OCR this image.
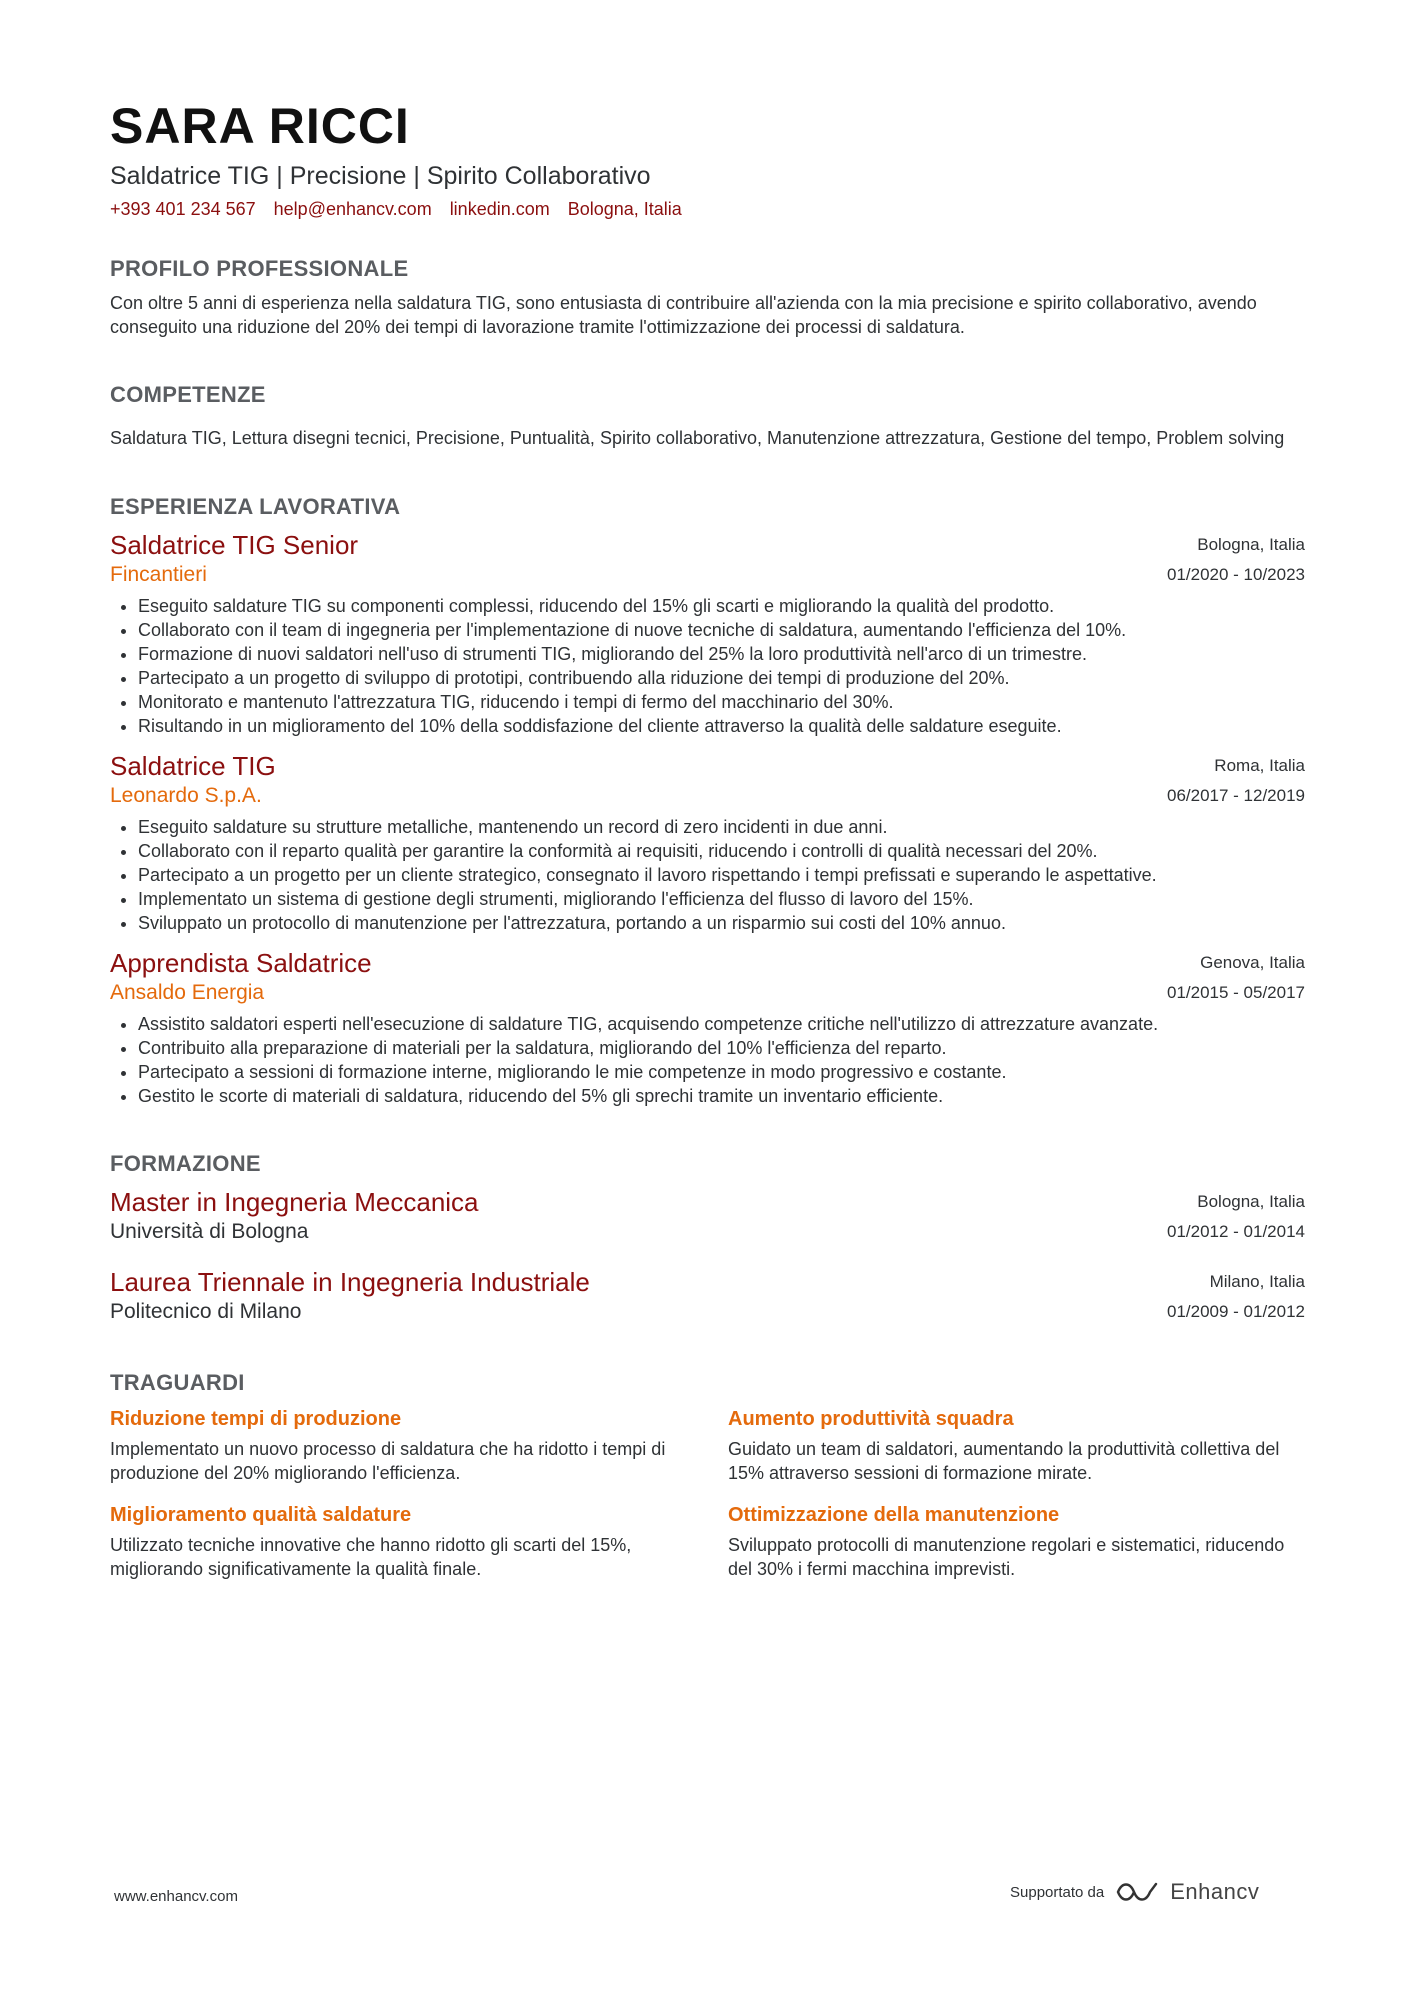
SARA RICCI
Saldatrice TIG | Precisione | Spirito Collaborativo
+393 401 234 567 help@enhancv.com linkedin.com Bologna, Italia
PROFILO PROFESSIONALE
Con oltre 5 anni di esperienza nella saldatura TIG, sono entusiasta di contribuire all'azienda con la mia precisione e spirito collaborativo, avendo conseguito una riduzione del 20% dei tempi di lavorazione tramite l'ottimizzazione dei processi di saldatura.
COMPETENZE
Saldatura TIG, Lettura disegni tecnici, Precisione, Puntualità, Spirito collaborativo, Manutenzione attrezzatura, Gestione del tempo, Problem solving
ESPERIENZA LAVORATIVA
Saldatrice TIG Senior
Fincantieri
Bologna, Italia
01/2020 - 10/2023
• Eseguito saldature TIG su componenti complessi, riducendo del 15% gli scarti e migliorando la qualità del prodotto.
• Collaborato con il team di ingegneria per l'implementazione di nuove tecniche di saldatura, aumentando l'efficienza del 10%.
• Formazione di nuovi saldatori nell'uso di strumenti TIG, migliorando del 25% la loro produttività nell'arco di un trimestre.
• Partecipato a un progetto di sviluppo di prototipi, contribuendo alla riduzione dei tempi di produzione del 20%.
• Monitorato e mantenuto l'attrezzatura TIG, riducendo i tempi di fermo del macchinario del 30%.
• Risultando in un miglioramento del 10% della soddisfazione del cliente attraverso la qualità delle saldature eseguite.
Saldatrice TIG
Leonardo S.p.A.
Roma, Italia
06/2017 - 12/2019
• Eseguito saldature su strutture metalliche, mantenendo un record di zero incidenti in due anni.
• Collaborato con il reparto qualità per garantire la conformità ai requisiti, riducendo i controlli di qualità necessari del 20%.
• Partecipato a un progetto per un cliente strategico, consegnato il lavoro rispettando i tempi prefissati e superando le aspettative.
• Implementato un sistema di gestione degli strumenti, migliorando l'efficienza del flusso di lavoro del 15%.
• Sviluppato un protocollo di manutenzione per l'attrezzatura, portando a un risparmio sui costi del 10% annuo.
Apprendista Saldatrice
Ansaldo Energia
Genova, Italia
01/2015 - 05/2017
• Assistito saldatori esperti nell'esecuzione di saldature TIG, acquisendo competenze critiche nell'utilizzo di attrezzature avanzate.
• Contribuito alla preparazione di materiali per la saldatura, migliorando del 10% l'efficienza del reparto.
• Partecipato a sessioni di formazione interne, migliorando le mie competenze in modo progressivo e costante.
• Gestito le scorte di materiali di saldatura, riducendo del 5% gli sprechi tramite un inventario efficiente.
FORMAZIONE
Master in Ingegneria Meccanica
Università di Bologna
Bologna, Italia
01/2012 - 01/2014
Laurea Triennale in Ingegneria Industriale
Politecnico di Milano
Milano, Italia
01/2009 - 01/2012
TRAGUARDI
Riduzione tempi di produzione
Implementato un nuovo processo di saldatura che ha ridotto i tempi di produzione del 20% migliorando l'efficienza.
Aumento produttività squadra
Guidato un team di saldatori, aumentando la produttività collettiva del 15% attraverso sessioni di formazione mirate.
Miglioramento qualità saldature
Utilizzato tecniche innovative che hanno ridotto gli scarti del 15%, migliorando significativamente la qualità finale.
Ottimizzazione della manutenzione
Sviluppato protocolli di manutenzione regolari e sistematici, riducendo del 30% i fermi macchina imprevisti.
www.enhancv.com	Supportato da	Enhancv
